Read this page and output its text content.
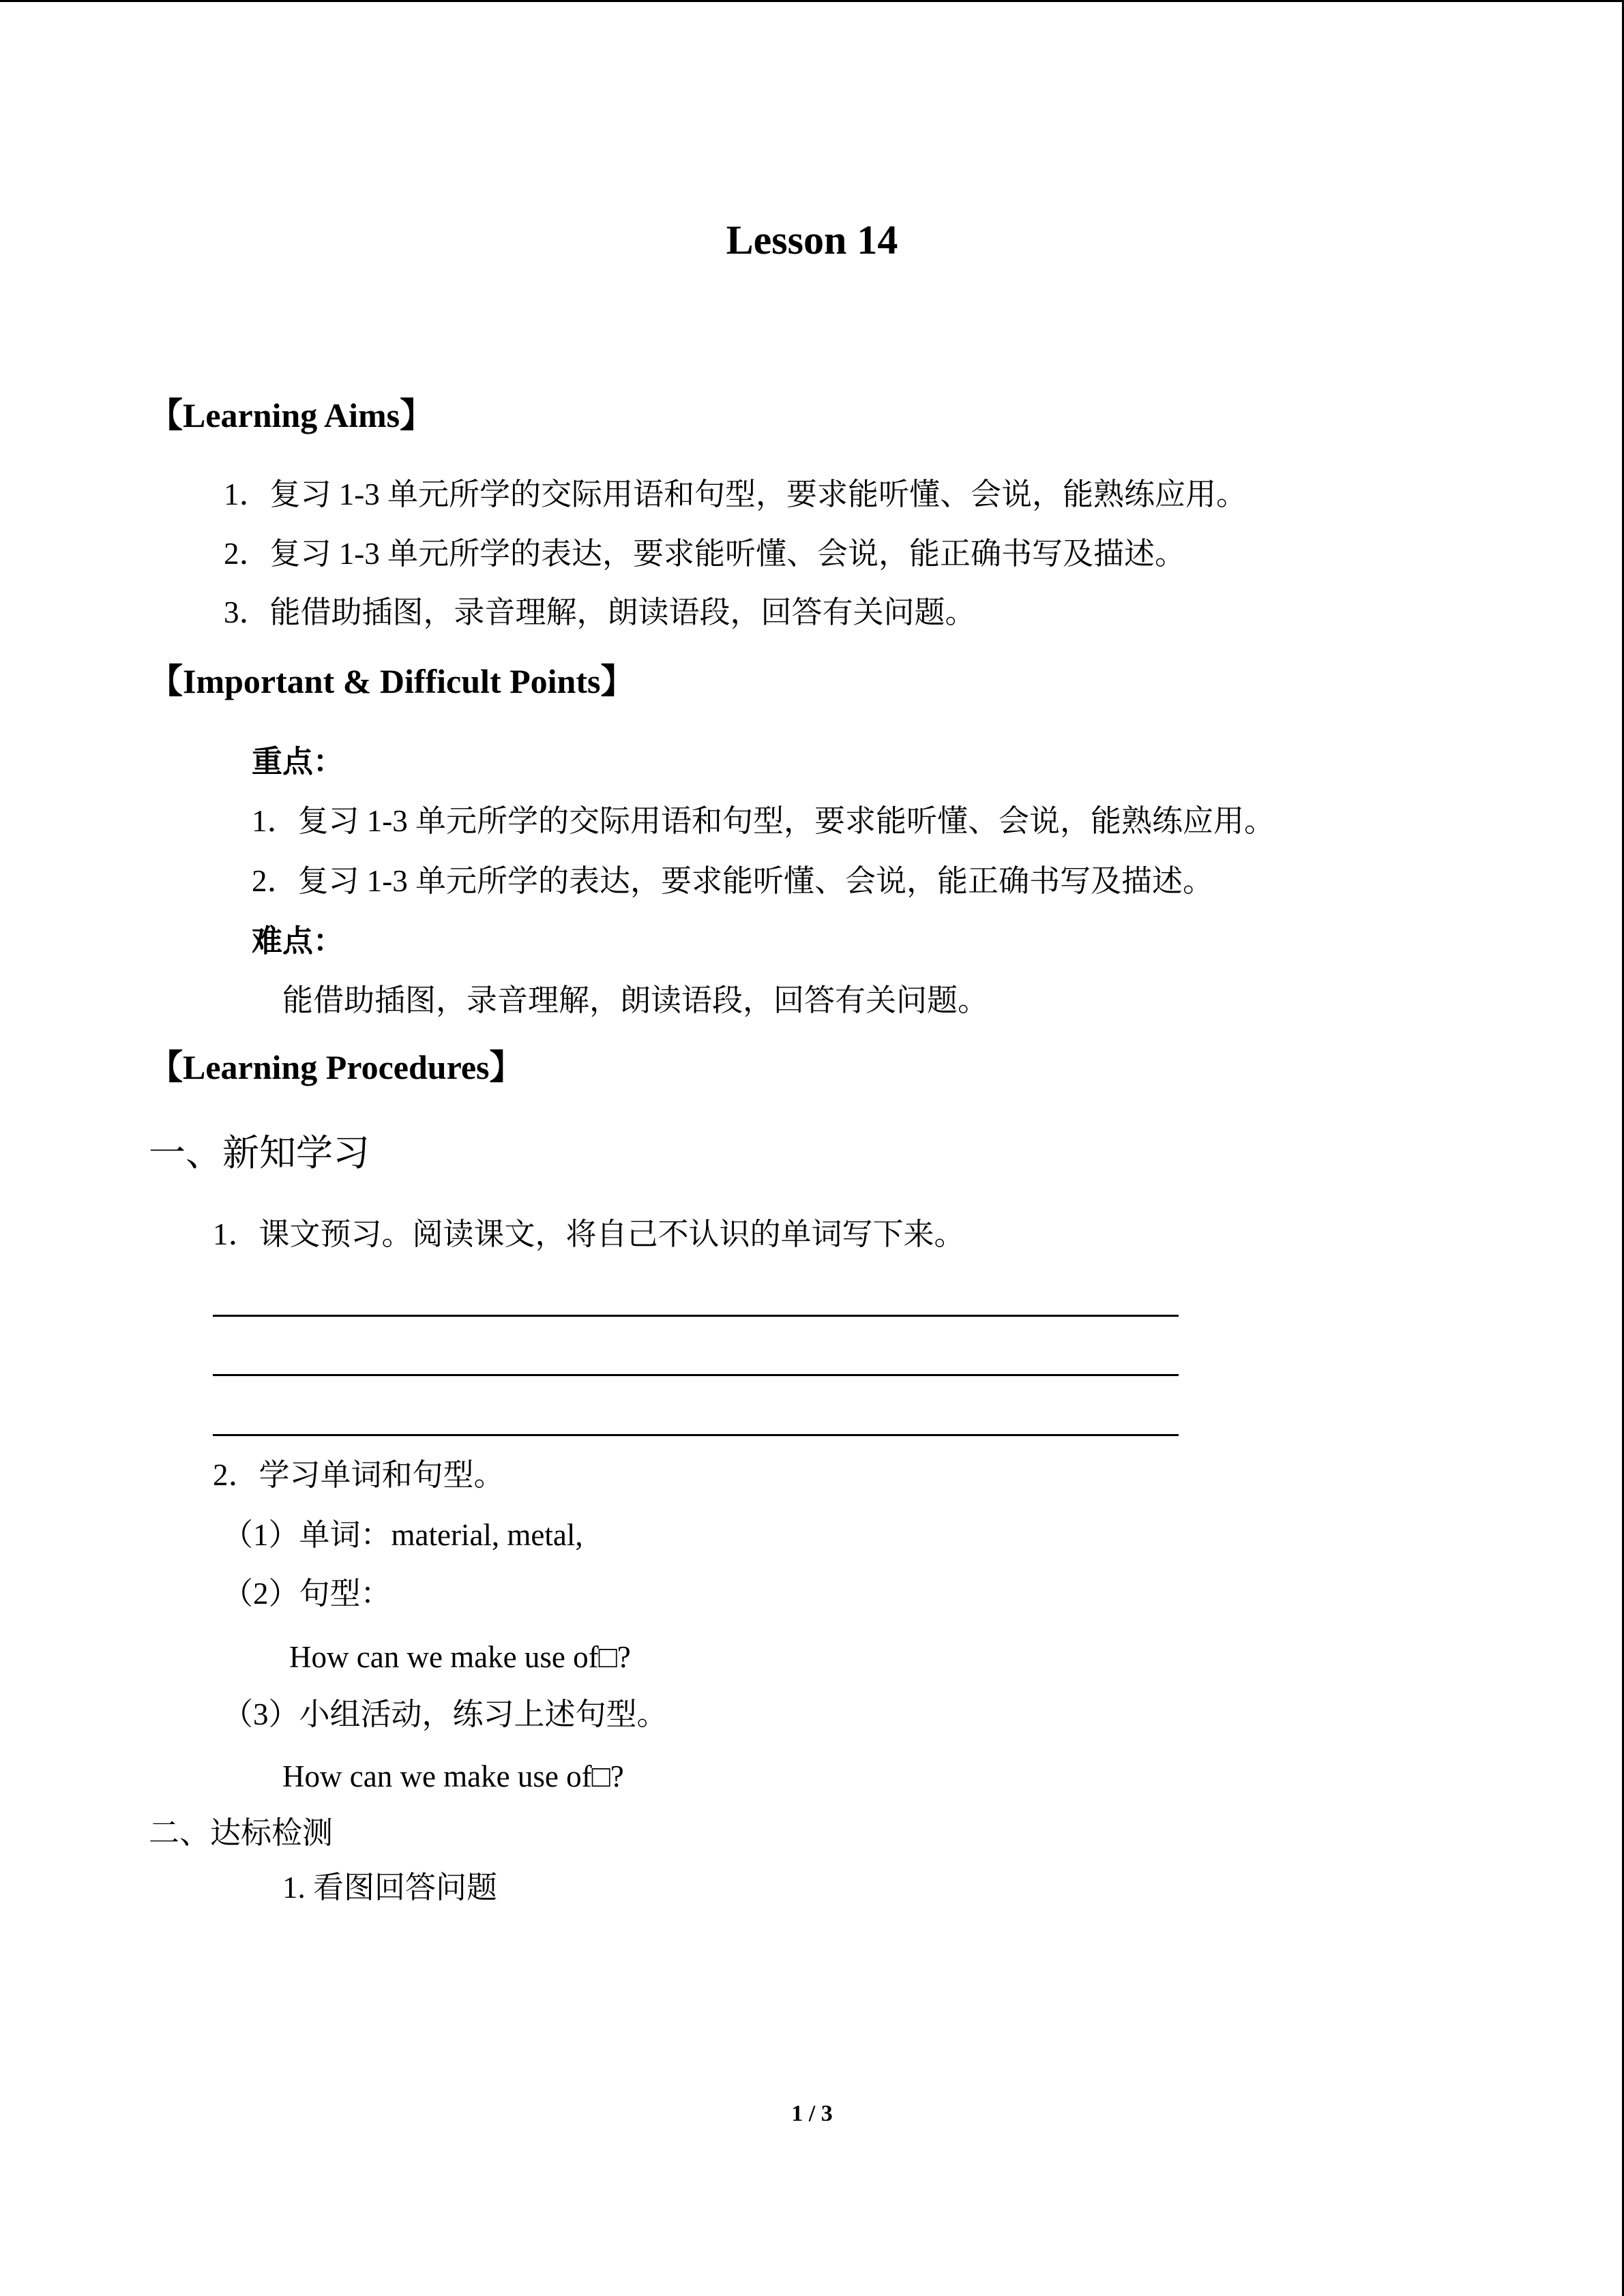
Lesson 14
【Learning Aims】
1．复习 1-3 单元所学的交际用语和句型，要求能听懂、会说，能熟练应用。
2．复习 1-3 单元所学的表达，要求能听懂、会说，能正确书写及描述。
3．能借助插图，录音理解，朗读语段，回答有关问题。
【Important & Difficult Points】
重点：
1．复习 1-3 单元所学的交际用语和句型，要求能听懂、会说，能熟练应用。
2．复习 1-3 单元所学的表达，要求能听懂、会说，能正确书写及描述。
难点：
能借助插图，录音理解，朗读语段，回答有关问题。
【Learning Procedures】
一、新知学习
1．课文预习。阅读课文，将自己不认识的单词写下来。
2．学习单词和句型。
（1）单词：material, metal,
（2）句型：
How can we make use of□?
（3）小组活动，练习上述句型。
How can we make use of□?
二、达标检测
1. 看图回答问题
1 / 3
